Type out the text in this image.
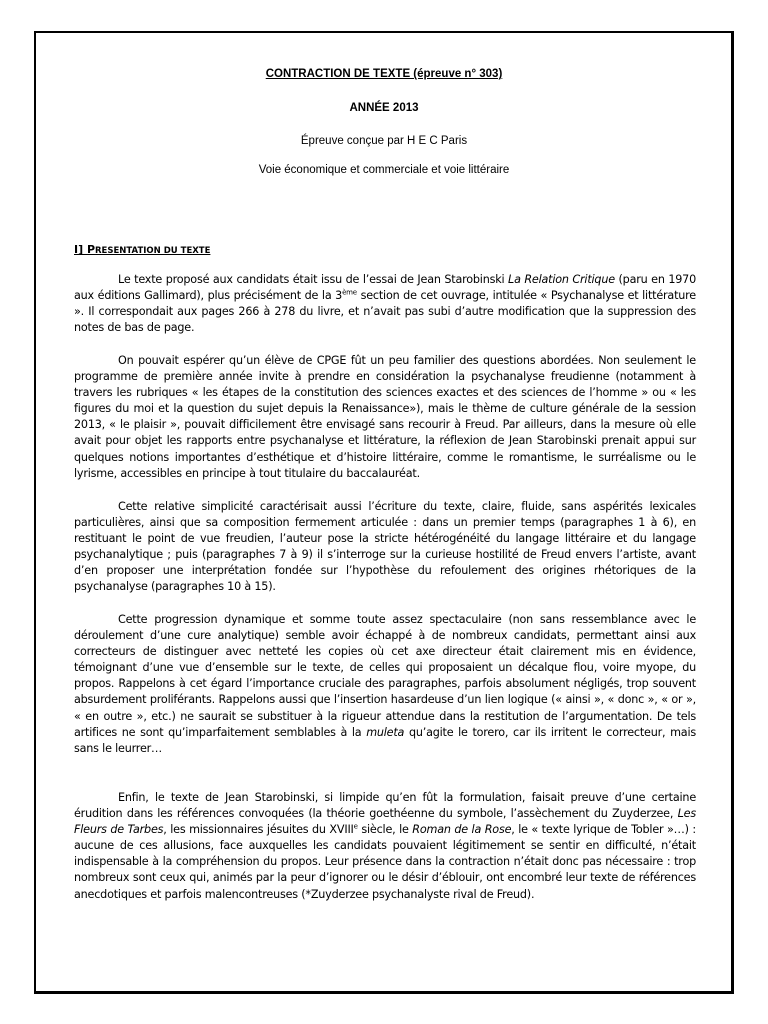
CONTRACTION DE TEXTE (épreuve n° 303)
ANNÉE 2013
Épreuve conçue par H E C Paris
Voie économique et commerciale et voie littéraire
I] PRESENTATION DU TEXTE
Le texte proposé aux candidats était issu de l’essai de Jean Starobinski La Relation Critique (paru en 1970 aux éditions Gallimard), plus précisément de la 3ème section de cet ouvrage, intitulée « Psychanalyse et littérature ». Il correspondait aux pages 266 à 278 du livre, et n’avait pas subi d’autre modification que la suppression des notes de bas de page.
On pouvait espérer qu’un élève de CPGE fût un peu familier des questions abordées. Non seulement le programme de première année invite à prendre en considération la psychanalyse freudienne (notamment à travers les rubriques « les étapes de la constitution des sciences exactes et des sciences de l’homme » ou « les figures du moi et la question du sujet depuis la Renaissance»), mais le thème de culture générale de la session 2013, « le plaisir », pouvait difficilement être envisagé sans recourir à Freud. Par ailleurs, dans la mesure où elle avait pour objet les rapports entre psychanalyse et littérature, la réflexion de Jean Starobinski prenait appui sur quelques notions importantes d’esthétique et d’histoire littéraire, comme le romantisme, le surréalisme ou le lyrisme, accessibles en principe à tout titulaire du baccalauréat.
Cette relative simplicité caractérisait aussi l’écriture du texte, claire, fluide, sans aspérités lexicales particulières, ainsi que sa composition fermement articulée : dans un premier temps (paragraphes 1 à 6), en restituant le point de vue freudien, l’auteur pose la stricte hétérogénéité du langage littéraire et du langage psychanalytique ; puis (paragraphes 7 à 9) il s’interroge sur la curieuse hostilité de Freud envers l’artiste, avant d’en proposer une interprétation fondée sur l’hypothèse du refoulement des origines rhétoriques de la psychanalyse (paragraphes 10 à 15).
Cette progression dynamique et somme toute assez spectaculaire (non sans ressemblance avec le déroulement d’une cure analytique) semble avoir échappé à de nombreux candidats, permettant ainsi aux correcteurs de distinguer avec netteté les copies où cet axe directeur était clairement mis en évidence, témoignant d’une vue d’ensemble sur le texte, de celles qui proposaient un décalque flou, voire myope, du propos. Rappelons à cet égard l’importance cruciale des paragraphes, parfois absolument négligés, trop souvent absurdement proliférants. Rappelons aussi que l’insertion hasardeuse d’un lien logique (« ainsi », « donc », « or », « en outre », etc.) ne saurait se substituer à la rigueur attendue dans la restitution de l’argumentation. De tels artifices ne sont qu’imparfaitement semblables à la muleta qu’agite le torero, car ils irritent le correcteur, mais sans le leurrer…
Enfin, le texte de Jean Starobinski, si limpide qu’en fût la formulation, faisait preuve d’une certaine érudition dans les références convoquées (la théorie goethéenne du symbole, l’assèchement du Zuyderzee, Les Fleurs de Tarbes, les missionnaires jésuites du XVIIIe siècle, le Roman de la Rose, le « texte lyrique de Tobler »…) : aucune de ces allusions, face auxquelles les candidats pouvaient légitimement se sentir en difficulté, n’était indispensable à la compréhension du propos. Leur présence dans la contraction n’était donc pas nécessaire : trop nombreux sont ceux qui, animés par la peur d’ignorer ou le désir d’éblouir, ont encombré leur texte de références anecdotiques et parfois malencontreuses (*Zuyderzee psychanalyste rival de Freud).
